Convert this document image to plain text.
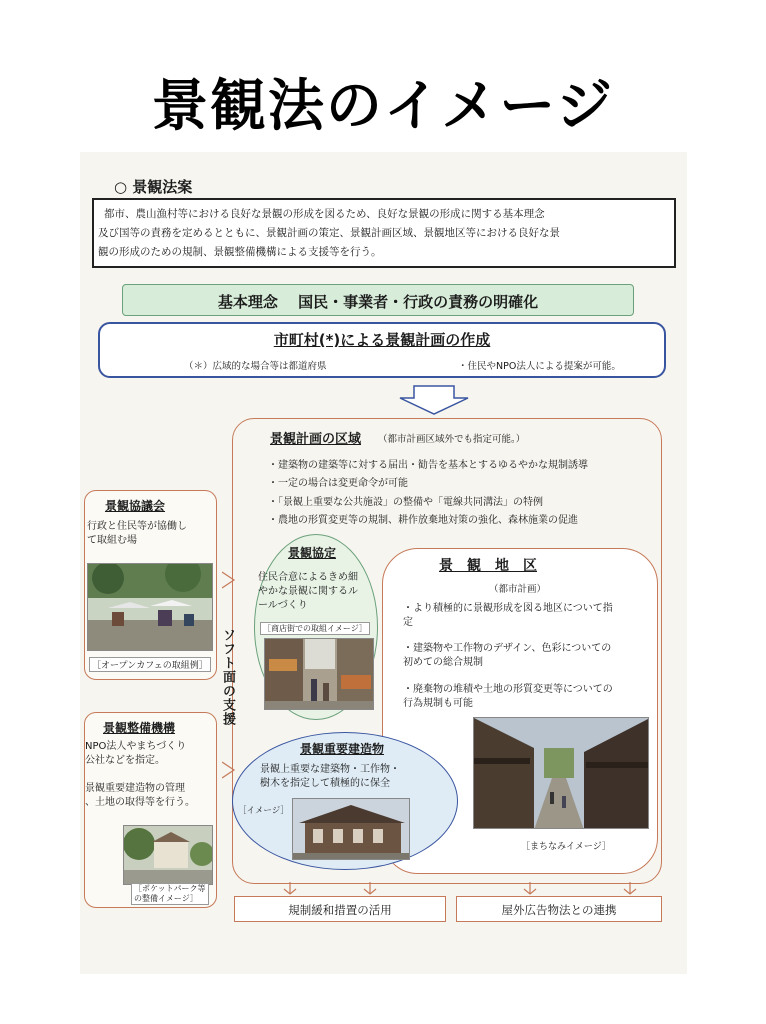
景観法のイメージ
○ 景観法案
都市、農山漁村等における良好な景観の形成を図るため、良好な景観の形成に関する基本理念
及び国等の責務を定めるとともに、景観計画の策定、景観計画区域、景観地区等における良好な景
観の形成のための規制、景観整備機構による支援等を行う。
基本理念　 国民・事業者・行政の責務の明確化
市町村(*)による景観計画の作成
（＊）広域的な場合等は都道府県	・住民やNPO法人による提案が可能。
景観計画の区域 （都市計画区域外でも指定可能。）
・建築物の建築等に対する届出・勧告を基本とするゆるやかな規制誘導
・一定の場合は変更命令が可能
・「景観上重要な公共施設」の整備や「電線共同溝法」の特例
・農地の形質変更等の規制、耕作放棄地対策の強化、森林施業の促進
ソフト面の支援
景観協議会
行政と住民等が協働し
て取組む場
［オープンカフェの取組例］
景観協定
住民合意によるきめ細
やかな景観に関するル
ールづくり
［商店街での取組イメージ］
景　観　地　区
（都市計画）
・より積極的に景観形成を図る地区について指
定
・建築物や工作物のデザイン、色彩についての
初めての総合規制
・廃棄物の堆積や土地の形質変更等についての
行為規制も可能
［まちなみイメージ］
景観整備機構
NPO法人やまちづくり
公社などを指定。
景観重要建造物の管理
、土地の取得等を行う。
［ポケットパーク等
の整備イメージ］
景観重要建造物
景観上重要な建築物・工作物・
樹木を指定して積極的に保全
［イメージ］
規制緩和措置の活用	屋外広告物法との連携
